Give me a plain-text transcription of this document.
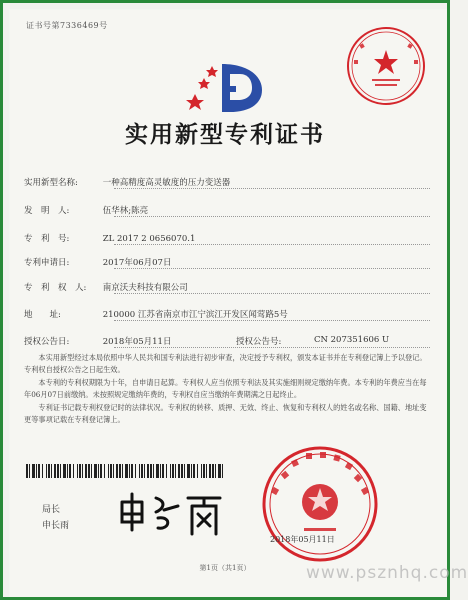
证书号第7336469号
实用新型专利证书
实用新型名称:	一种高精度高灵敏度的压力变送器
发　明　人:	伍华林;陈亮
专　利　号:	ZL 2017 2 0656070.1
专利申请日:	2017年06月07日
专　利　权　人: 南京沃夫科技有限公司
地　　址:	210000 江苏省南京市江宁滨江开发区闻莺路5号
授权公告日:	2018年05月11日	授权公告号:	CN 207351606 U

本实用新型经过本局依照中华人民共和国专利法进行初步审查，决定授予专利权，颁发本证书并在专利登记簿上予以登记。专利权自授权公告之日起生效。

本专利的专利权期限为十年，自申请日起算。专利权人应当依照专利法及其实施细则规定缴纳年费。本专利的年费应当在每年06月07日前缴纳。未按照规定缴纳年费的，专利权自应当缴纳年费期满之日起终止。

专利证书记载专利权登记时的法律状况。专利权的转移、质押、无效、终止、恢复和专利权人的姓名或名称、国籍、地址变更等事项记载在专利登记簿上。

局长
申长雨
2018年05月11日
第1页（共1页）	www.psznhq.com
